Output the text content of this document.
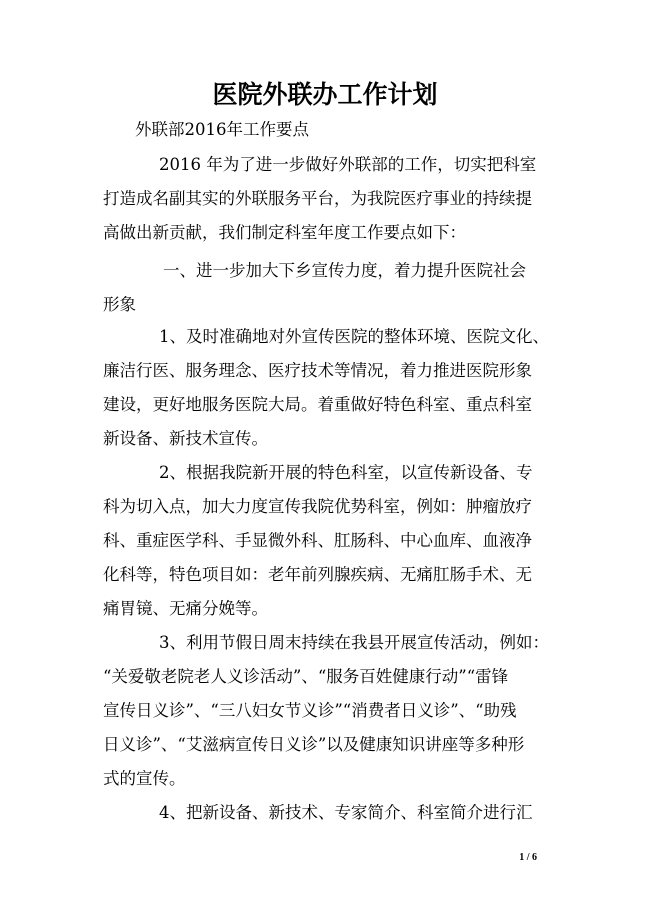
医院外联办工作计划

外联部2016年工作要点

2016 年为了进一步做好外联部的工作，切实把科室
打造成名副其实的外联服务平台，为我院医疗事业的持续提
高做出新贡献，我们制定科室年度工作要点如下：
一、进一步加大下乡宣传力度，着力提升医院社会
形象
1、及时准确地对外宣传医院的整体环境、医院文化、
廉洁行医、服务理念、医疗技术等情况，着力推进医院形象
建设，更好地服务医院大局。着重做好特色科室、重点科室
新设备、新技术宣传。
2、根据我院新开展的特色科室，以宣传新设备、专
科为切入点，加大力度宣传我院优势科室，例如：肿瘤放疗
科、重症医学科、手显微外科、肛肠科、中心血库、血液净
化科等，特色项目如：老年前列腺疾病、无痛肛肠手术、无
痛胃镜、无痛分娩等。
3、利用节假日周末持续在我县开展宣传活动，例如：
“关爱敬老院老人义诊活动”、“服务百姓健康行动”“雷锋
宣传日义诊”、“三八妇女节义诊”“消费者日义诊”、“助残
日义诊”、“艾滋病宣传日义诊”以及健康知识讲座等多种形
式的宣传。
4、把新设备、新技术、专家简介、科室简介进行汇
1 / 6
